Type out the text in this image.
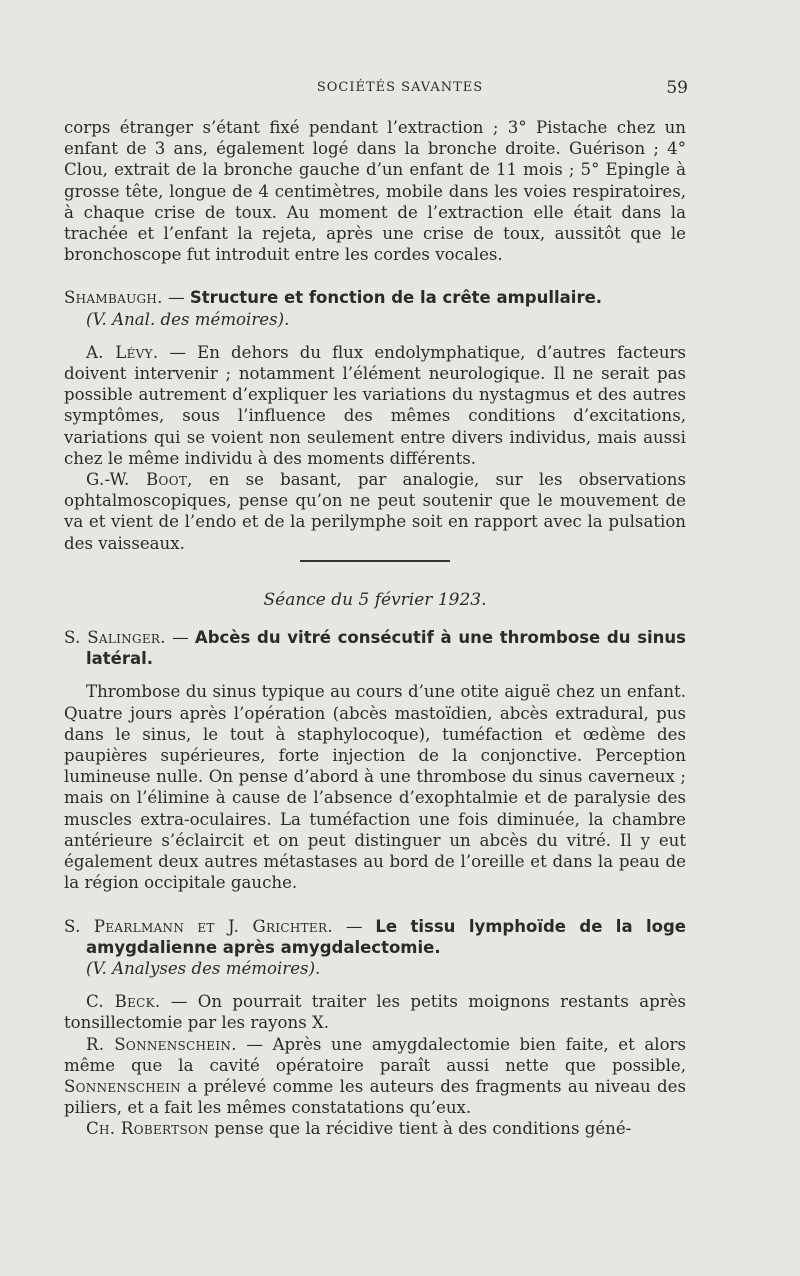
SOCIÉTÉS SAVANTES	59

corps étranger s’étant fixé pendant l’extraction ; 3° Pistache chez un enfant de 3 ans, également logé dans la bronche droite. Guérison ; 4° Clou, extrait de la bronche gauche d’un enfant de 11 mois ; 5° Epingle à grosse tête, longue de 4 centimètres, mobile dans les voies respiratoires, à chaque crise de toux. Au moment de l’extraction elle était dans la trachée et l’enfant la rejeta, après une crise de toux, aussitôt que le bronchoscope fut introduit entre les cordes vocales.

Shambaugh. — Structure et fonction de la crête ampullaire.
(V. Anal. des mémoires).

A. Lévy. — En dehors du flux endolymphatique, d’autres facteurs doivent intervenir ; notamment l’élément neurologique. Il ne serait pas possible autrement d’expliquer les variations du nystagmus et des autres symptômes, sous l’influence des mêmes conditions d’excitations, variations qui se voient non seulement entre divers individus, mais aussi chez le même individu à des moments différents.

G.-W. Boot, en se basant, par analogie, sur les observations ophtalmoscopiques, pense qu’on ne peut soutenir que le mouvement de va et vient de l’endo et de la perilymphe soit en rapport avec la pulsation des vaisseaux.

Séance du 5 février 1923.

S. Salinger. — Abcès du vitré consécutif à une thrombose du sinus latéral.

Thrombose du sinus typique au cours d’une otite aiguë chez un enfant. Quatre jours après l’opération (abcès mastoïdien, abcès extradural, pus dans le sinus, le tout à staphylocoque), tuméfaction et œdème des paupières supérieures, forte injection de la conjonctive. Perception lumineuse nulle. On pense d’abord à une thrombose du sinus caverneux ; mais on l’élimine à cause de l’absence d’exophtalmie et de paralysie des muscles extra-oculaires. La tuméfaction une fois diminuée, la chambre antérieure s’éclaircit et on peut distinguer un abcès du vitré. Il y eut également deux autres métastases au bord de l’oreille et dans la peau de la région occipitale gauche.

S. Pearlmann et J. Grichter. — Le tissu lymphoïde de la loge amygdalienne après amygdalectomie.
(V. Analyses des mémoires).

C. Beck. — On pourrait traiter les petits moignons restants après tonsillectomie par les rayons X.

R. Sonnenschein. — Après une amygdalectomie bien faite, et alors même que la cavité opératoire paraît aussi nette que possible, Sonnenschein a prélevé comme les auteurs des fragments au niveau des piliers, et a fait les mêmes constatations qu’eux.

Ch. Robertson pense que la récidive tient à des conditions géné-
